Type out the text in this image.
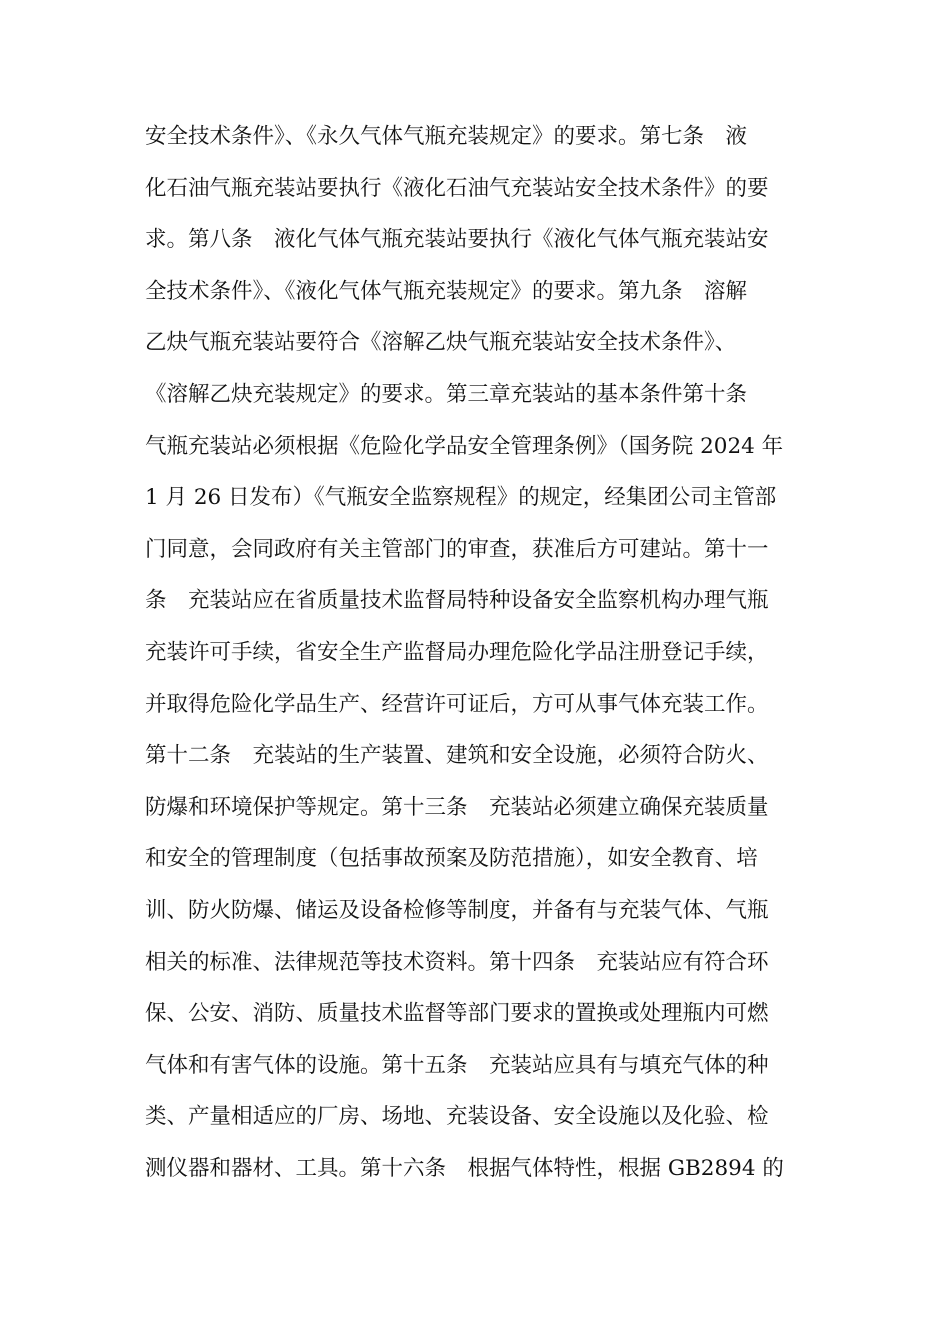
安全技术条件》、《永久气体气瓶充装规定》的要求。第七条　液
化石油气瓶充装站要执行《液化石油气充装站安全技术条件》的要
求。第八条　液化气体气瓶充装站要执行《液化气体气瓶充装站安
全技术条件》、《液化气体气瓶充装规定》的要求。第九条　溶解
乙炔气瓶充装站要符合《溶解乙炔气瓶充装站安全技术条件》、
《溶解乙炔充装规定》的要求。第三章充装站的基本条件第十条
气瓶充装站必须根据《危险化学品安全管理条例》（国务院 2024 年
1 月 26 日发布）《气瓶安全监察规程》的规定，经集团公司主管部
门同意，会同政府有关主管部门的审查，获准后方可建站。第十一
条　充装站应在省质量技术监督局特种设备安全监察机构办理气瓶
充装许可手续，省安全生产监督局办理危险化学品注册登记手续，
并取得危险化学品生产、经营许可证后，方可从事气体充装工作。
第十二条　充装站的生产装置、建筑和安全设施，必须符合防火、
防爆和环境保护等规定。第十三条　充装站必须建立确保充装质量
和安全的管理制度（包括事故预案及防范措施），如安全教育、培
训、防火防爆、储运及设备检修等制度，并备有与充装气体、气瓶
相关的标准、法律规范等技术资料。第十四条　充装站应有符合环
保、公安、消防、质量技术监督等部门要求的置换或处理瓶内可燃
气体和有害气体的设施。第十五条　充装站应具有与填充气体的种
类、产量相适应的厂房、场地、充装设备、安全设施以及化验、检
测仪器和器材、工具。第十六条　根据气体特性，根据 GB2894 的
